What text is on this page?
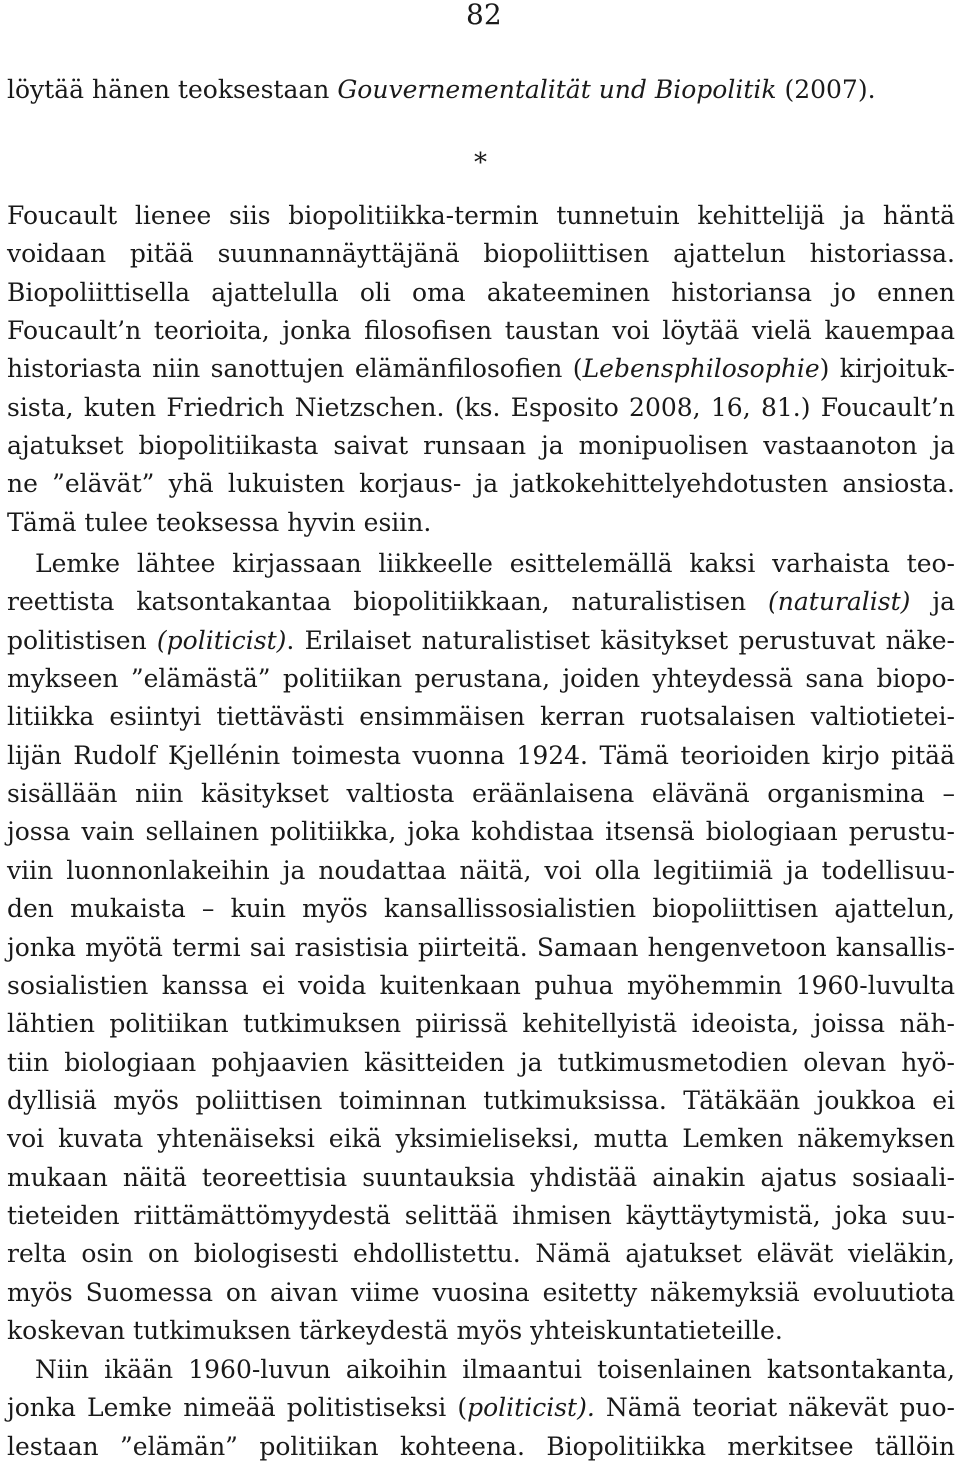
82
löytää hänen teoksestaan Gouvernementalität und Biopolitik (2007).
*
Foucault lienee siis biopolitiikka-termin tunnetuin kehittelijä ja häntä
voidaan pitää suunnannäyttäjänä biopoliittisen ajattelun historiassa.
Biopoliittisella ajattelulla oli oma akateeminen historiansa jo ennen
Foucault’n teorioita, jonka filosofisen taustan voi löytää vielä kauempaa
historiasta niin sanottujen elämänfilosofien (Lebensphilosophie) kirjoituk-
sista, kuten Friedrich Nietzschen. (ks. Esposito 2008, 16, 81.) Foucault’n
ajatukset biopolitiikasta saivat runsaan ja monipuolisen vastaanoton ja
ne ”elävät” yhä lukuisten korjaus- ja jatkokehittelyehdotusten ansiosta.
Tämä tulee teoksessa hyvin esiin.
Lemke lähtee kirjassaan liikkeelle esittelemällä kaksi varhaista teo-
reettista katsontakantaa biopolitiikkaan, naturalistisen (naturalist) ja
politistisen (politicist). Erilaiset naturalistiset käsitykset perustuvat näke-
mykseen ”elämästä” politiikan perustana, joiden yhteydessä sana biopo-
litiikka esiintyi tiettävästi ensimmäisen kerran ruotsalaisen valtiotietei-
lijän Rudolf Kjellénin toimesta vuonna 1924. Tämä teorioiden kirjo pitää
sisällään niin käsitykset valtiosta eräänlaisena elävänä organismina –
jossa vain sellainen politiikka, joka kohdistaa itsensä biologiaan perustu-
viin luonnonlakeihin ja noudattaa näitä, voi olla legitiimiä ja todellisuu-
den mukaista – kuin myös kansallissosialistien biopoliittisen ajattelun,
jonka myötä termi sai rasistisia piirteitä. Samaan hengenvetoon kansallis-
sosialistien kanssa ei voida kuitenkaan puhua myöhemmin 1960-luvulta
lähtien politiikan tutkimuksen piirissä kehitellyistä ideoista, joissa näh-
tiin biologiaan pohjaavien käsitteiden ja tutkimusmetodien olevan hyö-
dyllisiä myös poliittisen toiminnan tutkimuksissa. Tätäkään joukkoa ei
voi kuvata yhtenäiseksi eikä yksimieliseksi, mutta Lemken näkemyksen
mukaan näitä teoreettisia suuntauksia yhdistää ainakin ajatus sosiaali-
tieteiden riittämättömyydestä selittää ihmisen käyttäytymistä, joka suu-
relta osin on biologisesti ehdollistettu. Nämä ajatukset elävät vieläkin,
myös Suomessa on aivan viime vuosina esitetty näkemyksiä evoluutiota
koskevan tutkimuksen tärkeydestä myös yhteiskuntatieteille.
Niin ikään 1960-luvun aikoihin ilmaantui toisenlainen katsontakanta,
jonka Lemke nimeää politistiseksi (politicist). Nämä teoriat näkevät puo-
lestaan ”elämän” politiikan kohteena. Biopolitiikka merkitsee tällöin
